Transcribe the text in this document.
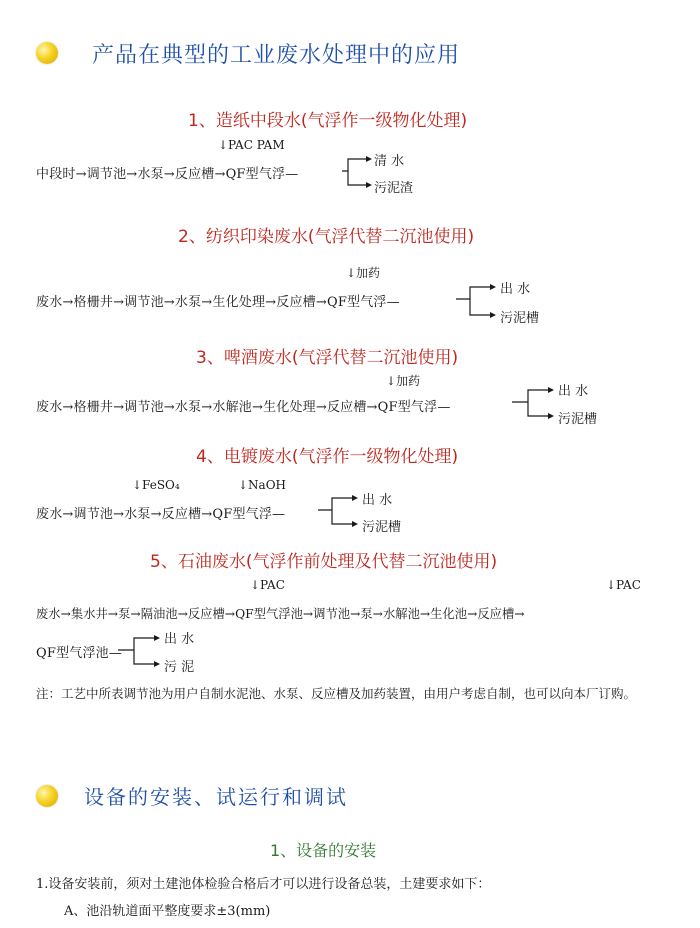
产品在典型的工业废水处理中的应用
1、造纸中段水(气浮作一级物化处理)
↓PAC PAM
中段时→调节池→水泵→反应槽→QF型气浮—
清 水
污泥渣
2、纺织印染废水(气浮代替二沉池使用)
↓加药
废水→格栅井→调节池→水泵→生化处理→反应槽→QF型气浮—
出 水
污泥槽
3、啤酒废水(气浮代替二沉池使用)
↓加药
废水→格栅井→调节池→水泵→水解池→生化处理→反应槽→QF型气浮—
出 水
污泥槽
4、电镀废水(气浮作一级物化处理)
↓FeSO₄	↓NaOH
废水→调节池→水泵→反应槽→QF型气浮—
出 水
污泥槽
5、石油废水(气浮作前处理及代替二沉池使用)
↓PAC	↓PAC
废水→集水井→泵→隔油池→反应槽→QF型气浮池→调节池→泵→水解池→生化池→反应槽→
QF型气浮池—
出 水
污 泥
注：工艺中所表调节池为用户自制水泥池、水泵、反应槽及加药装置，由用户考虑自制，也可以向本厂订购。
设备的安装、试运行和调试
1、设备的安装
1.设备安装前，须对土建池体检验合格后才可以进行设备总装，土建要求如下：
A、池沿轨道面平整度要求±3(mm)
